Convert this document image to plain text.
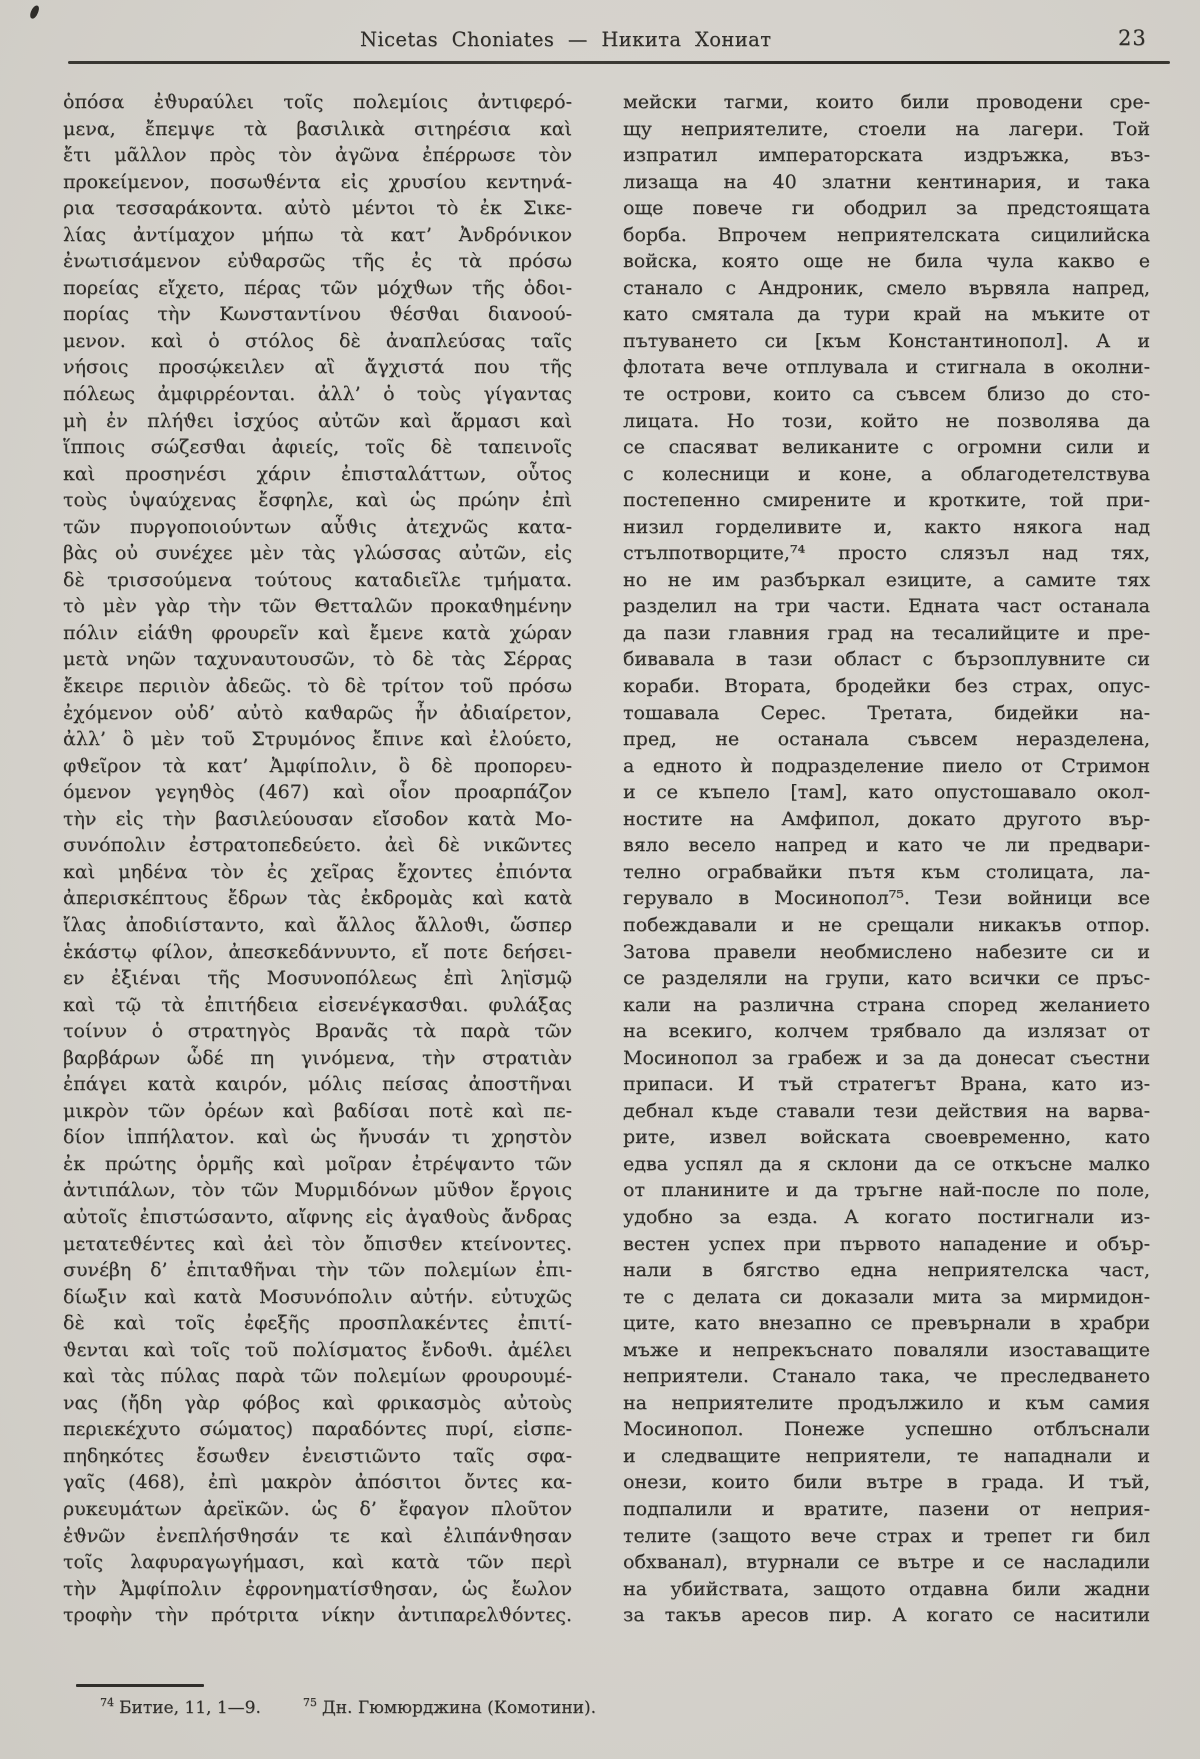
Nicetas Choniates — Никита Хониат	23
ὁπόσα ἐϑυραύλει τοῖς πολεμίοις ἀντιφερό-
μενα, ἔπεμψε τὰ βασιλικὰ σιτηρέσια καὶ
ἔτι μᾶλλον πρὸς τὸν ἀγῶνα ἐπέρρωσε τὸν
προκείμενον, ποσωϑέντα εἰς χρυσίου κεντηνά-
ρια τεσσαράκοντα. αὐτὸ μέντοι τὸ ἐκ Σικε-
λίας ἀντίμαχον μήπω τὰ κατ’ Ἀνδρόνικον
ἐνωτισάμενον εὐϑαρσῶς τῆς ἐς τὰ πρόσω
πορείας εἴχετο, πέρας τῶν μόχϑων τῆς ὁδοι-
πορίας τὴν Κωνσταντίνου ϑέσϑαι διανοού-
μενον. καὶ ὁ στόλος δὲ ἀναπλεύσας ταῖς
νήσοις προσῴκειλεν αἳ ἄγχιστά που τῆς
πόλεως ἀμφιρρέονται. ἀλλ’ ὁ τοὺς γίγαντας
μὴ ἐν πλήϑει ἰσχύος αὐτῶν καὶ ἅρμασι καὶ
ἵπποις σώζεσϑαι ἀφιείς, τοῖς δὲ ταπεινοῖς
καὶ προσηνέσι χάριν ἐπισταλάττων, οὗτος
τοὺς ὑψαύχενας ἔσφηλε, καὶ ὡς πρώην ἐπὶ
τῶν πυργοποιούντων αὖϑις ἀτεχνῶς κατα-
βὰς οὐ συνέχεε μὲν τὰς γλώσσας αὐτῶν, εἰς
δὲ τρισσούμενα τούτους καταδιεῖλε τμήματα.
τὸ μὲν γὰρ τὴν τῶν Θετταλῶν προκαϑημένην
πόλιν εἰάϑη φρουρεῖν καὶ ἔμενε κατὰ χώραν
μετὰ νηῶν ταχυναυτουσῶν, τὸ δὲ τὰς Σέρρας
ἔκειρε περιιὸν ἀδεῶς. τὸ δὲ τρίτον τοῦ πρόσω
ἐχόμενον οὐδ’ αὐτὸ καϑαρῶς ἦν ἀδιαίρετον,
ἀλλ’ ὃ μὲν τοῦ Στρυμόνος ἔπινε καὶ ἐλούετο,
φϑεῖρον τὰ κατ’ Ἀμφίπολιν, ὃ δὲ προπορευ-
όμενον γεγηϑὸς (467) καὶ οἷον προαρπάζον
τὴν εἰς τὴν βασιλεύουσαν εἴσοδον κατὰ Μο-
συνόπολιν ἐστρατοπεδεύετο. ἀεὶ δὲ νικῶντες
καὶ μηδένα τὸν ἐς χεῖρας ἔχοντες ἐπιόντα
ἀπερισκέπτους ἔδρων τὰς ἐκδρομὰς καὶ κατὰ
ἴλας ἀποδιίσταντο, καὶ ἄλλος ἄλλοϑι, ὥσπερ
ἑκάστῳ φίλον, ἀπεσκεδάννυντο, εἴ ποτε δεήσει-
εν ἐξιέναι τῆς Μοσυνοπόλεως ἐπὶ ληϊσμῷ
καὶ τῷ τὰ ἐπιτήδεια εἰσενέγκασϑαι. φυλάξας
τοίνυν ὁ στρατηγὸς Βρανᾶς τὰ παρὰ τῶν
βαρβάρων ὧδέ πη γινόμενα, τὴν στρατιὰν
ἐπάγει κατὰ καιρόν, μόλις πείσας ἀποστῆναι
μικρὸν τῶν ὀρέων καὶ βαδίσαι ποτὲ καὶ πε-
δίον ἱππήλατον. καὶ ὡς ἤνυσάν τι χρηστὸν
ἐκ πρώτης ὁρμῆς καὶ μοῖραν ἐτρέψαντο τῶν
ἀντιπάλων, τὸν τῶν Μυρμιδόνων μῦϑον ἔργοις
αὐτοῖς ἐπιστώσαντο, αἴφνης εἰς ἀγαϑοὺς ἄνδρας
μετατεϑέντες καὶ ἀεὶ τὸν ὄπισϑεν κτείνοντες.
συνέβη δ’ ἐπιταϑῆναι τὴν τῶν πολεμίων ἐπι-
δίωξιν καὶ κατὰ Μοσυνόπολιν αὐτήν. εὐτυχῶς
δὲ καὶ τοῖς ἐφεξῆς προσπλακέντες ἐπιτί-
ϑενται καὶ τοῖς τοῦ πολίσματος ἔνδοϑι. ἀμέλει
καὶ τὰς πύλας παρὰ τῶν πολεμίων φρουρουμέ-
νας (ἤδη γὰρ φόβος καὶ φρικασμὸς αὐτοὺς
περιεκέχυτο σώματος) παραδόντες πυρί, εἰσπε-
πηδηκότες ἔσωϑεν ἐνειστιῶντο ταῖς σφα-
γαῖς (468), ἐπὶ μακρὸν ἀπόσιτοι ὄντες κα-
ρυκευμάτων ἀρεϊκῶν. ὡς δ’ ἔφαγον πλοῦτον
ἐϑνῶν ἐνεπλήσϑησάν τε καὶ ἐλιπάνϑησαν
τοῖς λαφυραγωγήμασι, καὶ κατὰ τῶν περὶ
τὴν Ἀμφίπολιν ἐφρονηματίσϑησαν, ὡς ἔωλον
τροφὴν τὴν πρότριτα νίκην ἀντιπαρελϑόντες.
мейски тагми, които били проводени сре-
щу неприятелите, стоели на лагери. Той
изпратил императорската издръжка, въз-
лизаща на 40 златни кентинария, и така
още повече ги ободрил за предстоящата
борба. Впрочем неприятелската сицилийска
войска, която още не била чула какво е
станало с Андроник, смело вървяла напред,
като смятала да тури край на мъките от
пътуването си [към Константинопол]. А и
флотата вече отплувала и стигнала в околни-
те острови, които са съвсем близо до сто-
лицата. Но този, който не позволява да
се спасяват великаните с огромни сили и
с колесници и коне, а облагодетелствува
постепенно смирените и кротките, той при-
низил горделивите и, както някога над
стълпотворците,⁷⁴ просто слязъл над тях,
но не им разбъркал езиците, а самите тях
разделил на три части. Едната част останала
да пази главния град на тесалийците и пре-
бивавала в тази област с бързоплувните си
кораби. Втората, бродейки без страх, опус-
тошавала Серес. Третата, бидейки на-
пред, не останала съвсем неразделена,
а едното ѝ подразделение пиело от Стримон
и се къпело [там], като опустошавало окол-
ностите на Амфипол, докато другото вър-
вяло весело напред и като че ли предвари-
телно ограбвайки пътя към столицата, ла-
герувало в Мосинопол⁷⁵. Тези войници все
побеждавали и не срещали никакъв отпор.
Затова правели необмислено набезите си и
се разделяли на групи, като всички се пръс-
кали на различна страна според желанието
на всекиго, колчем трябвало да излязат от
Мосинопол за грабеж и за да донесат съестни
припаси. И тъй стратегът Врана, като из-
дебнал къде ставали тези действия на варва-
рите, извел войската своевременно, като
едва успял да я склони да се откъсне малко
от планините и да тръгне най-после по поле,
удобно за езда. А когато постигнали из-
вестен успех при първото нападение и обър-
нали в бягство една неприятелска част,
те с делата си доказали мита за мирмидон-
ците, като внезапно се превърнали в храбри
мъже и непрекъснато поваляли изоставащите
неприятели. Станало така, че преследването
на неприятелите продължило и към самия
Мосинопол. Понеже успешно отблъснали
и следващите неприятели, те нападнали и
онези, които били вътре в града. И тъй,
подпалили и вратите, пазени от неприя-
телите (защото вече страх и трепет ги бил
обхванал), втурнали се вътре и се насладили
на убийствата, защото отдавна били жадни
за такъв аресов пир. А когато се наситили
$^{74}$ Битие, 11, 1—9.	$^{75}$ Дн. Гюмюрджина (Комотини).
